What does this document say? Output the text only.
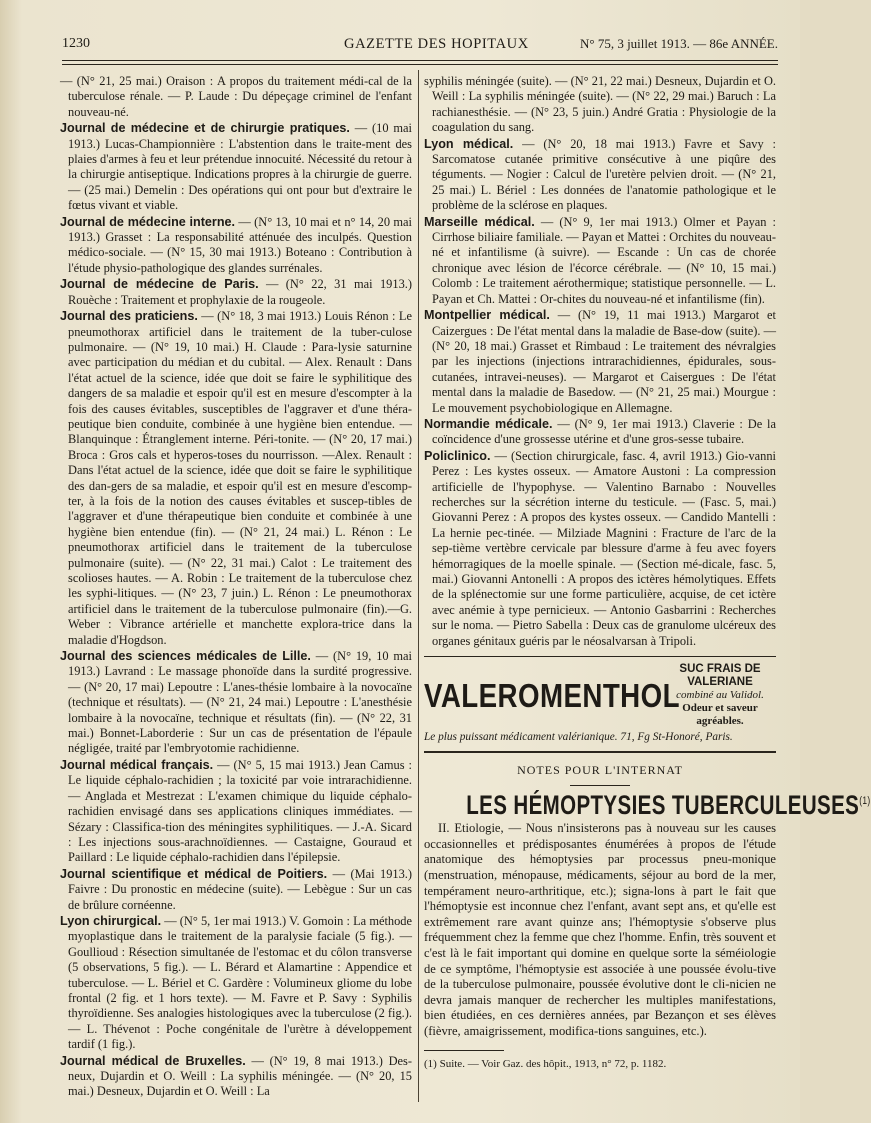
1230	GAZETTE DES HOPITAUX	N° 75, 3 juillet 1913. — 86e ANNÉE.

— (N° 21, 25 mai.) Oraison : A propos du traitement médi-cal de la tuberculose rénale. — P. Laude : Du dépeçage criminel de l'enfant nouveau-né.

Journal de médecine et de chirurgie pratiques. — (10 mai 1913.) Lucas-Championnière : L'abstention dans le traite-ment des plaies d'armes à feu et leur prétendue innocuité. Nécessité du retour à la chirurgie antiseptique. Indications propres à la chirurgie de guerre. — (25 mai.) Demelin : Des opérations qui ont pour but d'extraire le fœtus vivant et viable.

Journal de médecine interne. — (N° 13, 10 mai et n° 14, 20 mai 1913.) Grasset : La responsabilité atténuée des inculpés. Question médico-sociale. — (N° 15, 30 mai 1913.) Boteano : Contribution à l'étude physio-pathologique des glandes surrénales.

Journal de médecine de Paris. — (N° 22, 31 mai 1913.) Rouèche : Traitement et prophylaxie de la rougeole.

Journal des praticiens. — (N° 18, 3 mai 1913.) Louis Rénon : Le pneumothorax artificiel dans le traitement de la tuber-culose pulmonaire. — (N° 19, 10 mai.) H. Claude : Para-lysie saturnine avec participation du médian et du cubital. — Alex. Renault : Dans l'état actuel de la science, idée que doit se faire le syphilitique des dangers de sa maladie et espoir qu'il est en mesure d'escompter à la fois des causes évitables, susceptibles de l'aggraver et d'une théra-peutique bien conduite, combinée à une hygiène bien entendue. — Blanquinque : Étranglement interne. Péri-tonite. — (N° 20, 17 mai.) Broca : Gros cals et hyperos-toses du nourrisson. —Alex. Renault : Dans l'état actuel de la science, idée que doit se faire le syphilitique des dan-gers de sa maladie, et espoir qu'il est en mesure d'escomp-ter, à la fois de la notion des causes évitables et suscep-tibles de l'aggraver et d'une thérapeutique bien conduite et combinée à une hygiène bien entendue (fin). — (N° 21, 24 mai.) L. Rénon : Le pneumothorax artificiel dans le traitement de la tuberculose pulmonaire (suite). — (N° 22, 31 mai.) Calot : Le traitement des scolioses hautes. — A. Robin : Le traitement de la tuberculose chez les syphi-litiques. — (N° 23, 7 juin.) L. Rénon : Le pneumothorax artificiel dans le traitement de la tuberculose pulmonaire (fin).—G. Weber : Vibrance artérielle et manchette explora-trice dans la maladie d'Hogdson.

Journal des sciences médicales de Lille. — (N° 19, 10 mai 1913.) Lavrand : Le massage phonoïde dans la surdité progressive. — (N° 20, 17 mai) Lepoutre : L'anes-thésie lombaire à la novocaïne (technique et résultats). — (N° 21, 24 mai.) Lepoutre : L'anesthésie lombaire à la novocaïne, technique et résultats (fin). — (N° 22, 31 mai.) Bonnet-Laborderie : Sur un cas de présentation de l'épaule négligée, traité par l'embryotomie rachidienne.

Journal médical français. — (N° 5, 15 mai 1913.) Jean Camus : Le liquide céphalo-rachidien ; la toxicité par voie intrarachidienne. — Anglada et Mestrezat : L'examen chimique du liquide céphalo-rachidien envisagé dans ses applications cliniques immédiates. — Sézary : Classifica-tion des méningites syphilitiques. — J.-A. Sicard : Les injections sous-arachnoïdiennes. — Castaigne, Gouraud et Paillard : Le liquide céphalo-rachidien dans l'épilepsie.

Journal scientifique et médical de Poitiers. — (Mai 1913.) Faivre : Du pronostic en médecine (suite). — Lebègue : Sur un cas de brûlure cornéenne.

Lyon chirurgical. — (N° 5, 1er mai 1913.) V. Gomoin : La méthode myoplastique dans le traitement de la paralysie faciale (5 fig.). — Goullioud : Résection simultanée de l'estomac et du côlon transverse (5 observations, 5 fig.). — L. Bérard et Alamartine : Appendice et tuberculose. — L. Bériel et C. Gardère : Volumineux gliome du lobe frontal (2 fig. et 1 hors texte). — M. Favre et P. Savy : Syphilis thyroïdienne. Ses analogies histologiques avec la tuberculose (2 fig.). — L. Thévenot : Poche congénitale de l'urètre à développement tardif (1 fig.).

Journal médical de Bruxelles. — (N° 19, 8 mai 1913.) Des-neux, Dujardin et O. Weill : La syphilis méningée. — (N° 20, 15 mai.) Desneux, Dujardin et O. Weill : La

syphilis méningée (suite). — (N° 21, 22 mai.) Desneux, Dujardin et O. Weill : La syphilis méningée (suite). — (N° 22, 29 mai.) Baruch : La rachianesthésie. — (N° 23, 5 juin.) André Gratia : Physiologie de la coagulation du sang.

Lyon médical. — (N° 20, 18 mai 1913.) Favre et Savy : Sarcomatose cutanée primitive consécutive à une piqûre des téguments. — Nogier : Calcul de l'uretère pelvien droit. — (N° 21, 25 mai.) L. Bériel : Les données de l'anatomie pathologique et le problème de la sclérose en plaques.

Marseille médical. — (N° 9, 1er mai 1913.) Olmer et Payan : Cirrhose biliaire familiale. — Payan et Mattei : Orchites du nouveau-né et infantilisme (à suivre). — Escande : Un cas de chorée chronique avec lésion de l'écorce cérébrale. — (N° 10, 15 mai.) Colomb : Le traitement aérothermique; statistique personnelle. — L. Payan et Ch. Mattei : Or-chites du nouveau-né et infantilisme (fin).

Montpellier médical. — (N° 19, 11 mai 1913.) Margarot et Caizergues : De l'état mental dans la maladie de Base-dow (suite). — (N° 20, 18 mai.) Grasset et Rimbaud : Le traitement des névralgies par les injections (injections intrarachidiennes, épidurales, sous-cutanées, intravei-neuses). — Margarot et Caisergues : De l'état mental dans la maladie de Basedow. — (N° 21, 25 mai.) Mourgue : Le mouvement psychobiologique en Allemagne.

Normandie médicale. — (N° 9, 1er mai 1913.) Claverie : De la coïncidence d'une grossesse utérine et d'une gros-sesse tubaire.

Policlinico. — (Section chirurgicale, fasc. 4, avril 1913.) Gio-vanni Perez : Les kystes osseux. — Amatore Austoni : La compression artificielle de l'hypophyse. — Valentino Barnabo : Nouvelles recherches sur la sécrétion interne du testicule. — (Fasc. 5, mai.) Giovanni Perez : A propos des kystes osseux. — Candido Mantelli : La hernie pec-tinée. — Milziade Magnini : Fracture de l'arc de la sep-tième vertèbre cervicale par blessure d'arme à feu avec foyers hémorragiques de la moelle spinale. — (Section mé-dicale, fasc. 5, mai.) Giovanni Antonelli : A propos des ictères hémolytiques. Effets de la splénectomie sur une forme particulière, acquise, de cet ictère avec anémie à type pernicieux. — Antonio Gasbarrini : Recherches sur le noma. — Pietro Sabella : Deux cas de granulome ulcéreux des organes génitaux guéris par le néosalvarsan à Tripoli.

VALEROMENTHOL
SUC FRAIS DE VALERIANE
combiné au Validol.
Odeur et saveur agréables.
Le plus puissant médicament valérianique. 71, Fg St-Honoré, Paris.
NOTES POUR L'INTERNAT
LES HÉMOPTYSIES TUBERCULEUSES$^{(1)}$

II. Etiologie, — Nous n'insisterons pas à nouveau sur les causes occasionnelles et prédisposantes énumérées à propos de l'étude anatomique des hémoptysies par processus pneu-monique (menstruation, ménopause, médicaments, séjour au bord de la mer, tempérament neuro-arthritique, etc.); signa-lons à part le fait que l'hémoptysie est inconnue chez l'enfant, avant sept ans, et qu'elle est extrêmement rare avant quinze ans; l'hémoptysie s'observe plus fréquemment chez la femme que chez l'homme. Enfin, très souvent et c'est là le fait important qui domine en quelque sorte la séméiologie de ce symptôme, l'hémoptysie est associée à une poussée évolu-tive de la tuberculose pulmonaire, poussée évolutive dont le cli-nicien ne devra jamais manquer de rechercher les multiples manifestations, bien étudiées, en ces dernières années, par Bezançon et ses élèves (fièvre, amaigrissement, modifica-tions sanguines, etc.).

(1) Suite. — Voir Gaz. des hôpit., 1913, n° 72, p. 1182.
